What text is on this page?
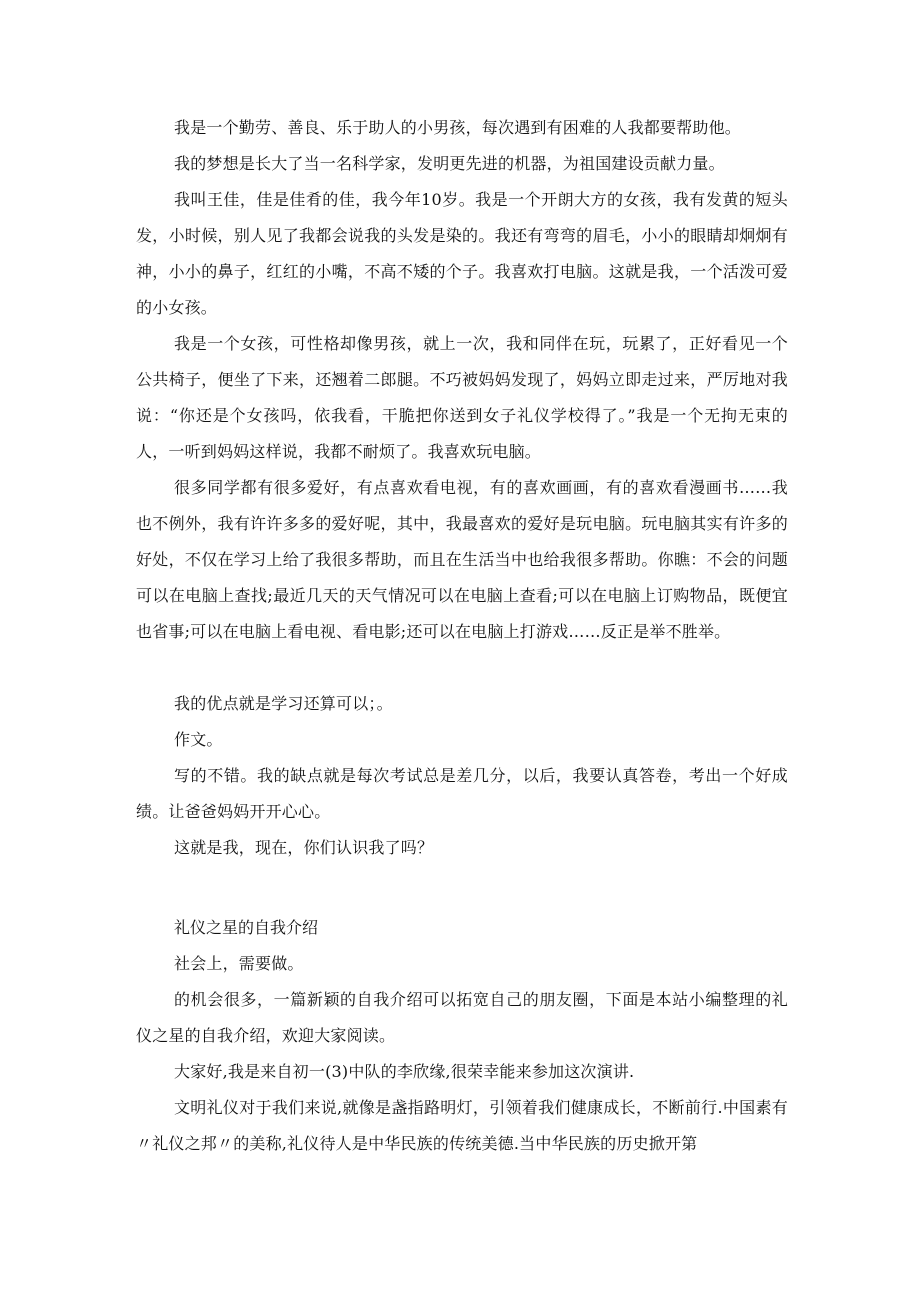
我是一个勤劳、善良、乐于助人的小男孩，每次遇到有困难的人我都要帮助他。

我的梦想是长大了当一名科学家，发明更先进的机器，为祖国建设贡献力量。

我叫王佳，佳是佳肴的佳，我今年10岁。我是一个开朗大方的女孩，我有发黄的短头发，小时候，别人见了我都会说我的头发是染的。我还有弯弯的眉毛，小小的眼睛却炯炯有神，小小的鼻子，红红的小嘴，不高不矮的个子。我喜欢打电脑。这就是我，一个活泼可爱的小女孩。

我是一个女孩，可性格却像男孩，就上一次，我和同伴在玩，玩累了，正好看见一个公共椅子，便坐了下来，还翘着二郎腿。不巧被妈妈发现了，妈妈立即走过来，严厉地对我说：“你还是个女孩吗，依我看，干脆把你送到女子礼仪学校得了。”我是一个无拘无束的人，一听到妈妈这样说，我都不耐烦了。我喜欢玩电脑。

很多同学都有很多爱好，有点喜欢看电视，有的喜欢画画，有的喜欢看漫画书……我也不例外，我有许许多多的爱好呢，其中，我最喜欢的爱好是玩电脑。玩电脑其实有许多的好处，不仅在学习上给了我很多帮助，而且在生活当中也给我很多帮助。你瞧：不会的问题可以在电脑上查找;最近几天的天气情况可以在电脑上查看;可以在电脑上订购物品，既便宜也省事;可以在电脑上看电视、看电影;还可以在电脑上打游戏……反正是举不胜举。

我的优点就是学习还算可以；。

作文。

写的不错。我的缺点就是每次考试总是差几分，以后，我要认真答卷，考出一个好成绩。让爸爸妈妈开开心心。

这就是我，现在，你们认识我了吗？

礼仪之星的自我介绍

社会上，需要做。

的机会很多，一篇新颖的自我介绍可以拓宽自己的朋友圈，下面是本站小编整理的礼仪之星的自我介绍，欢迎大家阅读。

大家好,我是来自初一(3)中队的李欣缘,很荣幸能来参加这次演讲.

文明礼仪对于我们来说,就像是盏指路明灯，引领着我们健康成长，不断前行.中国素有〃礼仪之邦〃的美称,礼仪待人是中华民族的传统美德.当中华民族的历史掀开第
